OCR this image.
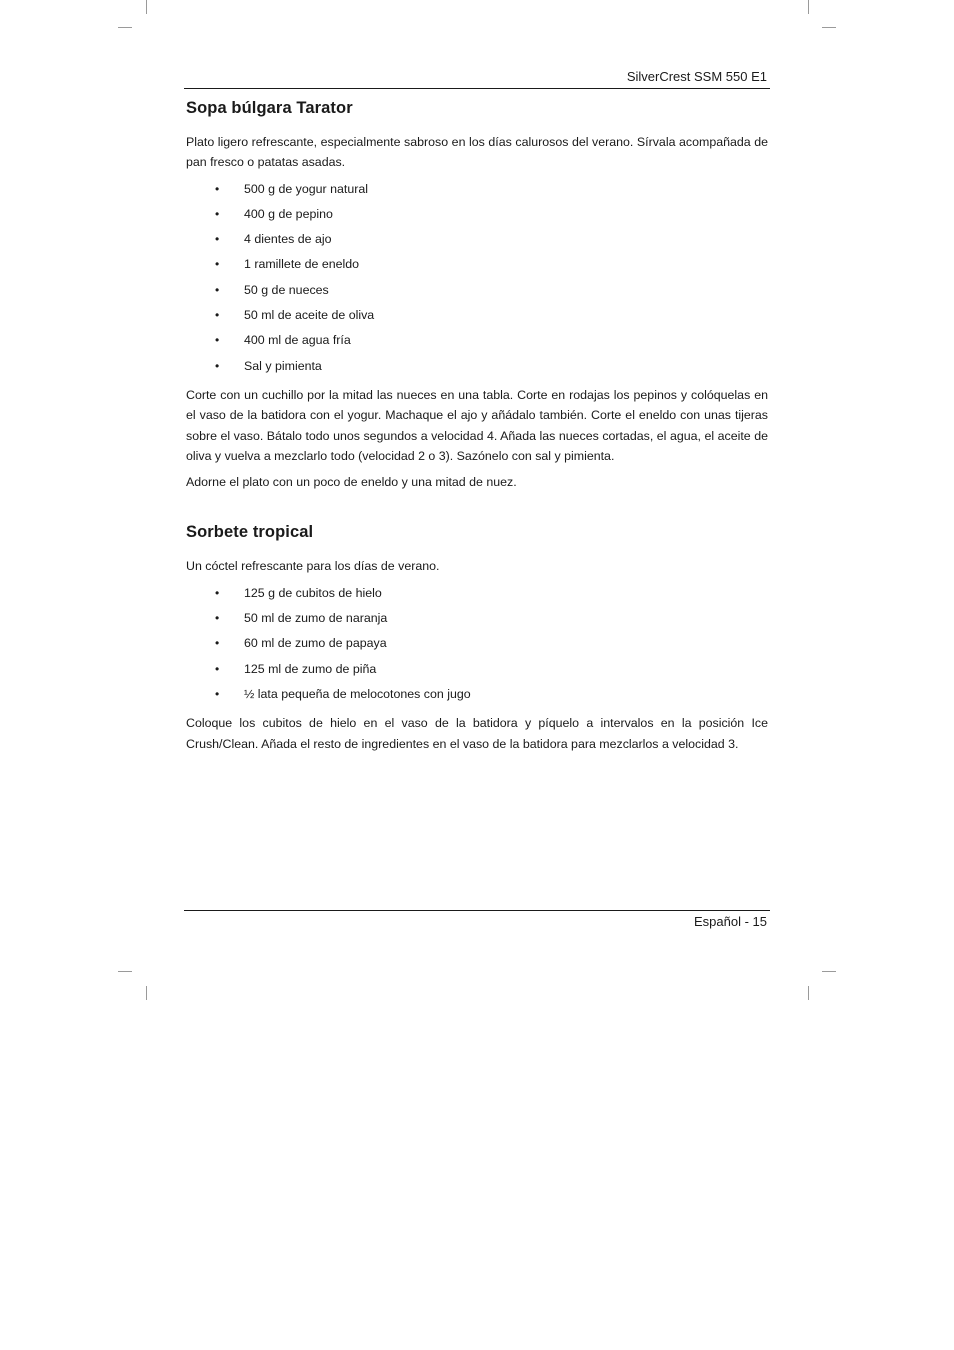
SilverCrest SSM 550 E1
Sopa búlgara Tarator

Plato ligero refrescante, especialmente sabroso en los días calurosos del verano. Sírvala acompañada de pan fresco o patatas asadas.

• 500 g de yogur natural
• 400 g de pepino
• 4 dientes de ajo
• 1 ramillete de eneldo
• 50 g de nueces
• 50 ml de aceite de oliva
• 400 ml de agua fría
• Sal y pimienta

Corte con un cuchillo por la mitad las nueces en una tabla. Corte en rodajas los pepinos y colóquelas en el vaso de la batidora con el yogur. Machaque el ajo y añádalo también. Corte el eneldo con unas tijeras sobre el vaso. Bátalo todo unos segundos a velocidad 4. Añada las nueces cortadas, el agua, el aceite de oliva y vuelva a mezclarlo todo (velocidad 2 o 3). Sazónelo con sal y pimienta.

Adorne el plato con un poco de eneldo y una mitad de nuez.

Sorbete tropical

Un cóctel refrescante para los días de verano.

• 125 g de cubitos de hielo
• 50 ml de zumo de naranja
• 60 ml de zumo de papaya
• 125 ml de zumo de piña
• ½ lata pequeña de melocotones con jugo

Coloque los cubitos de hielo en el vaso de la batidora y píquelo a intervalos en la posición Ice Crush/Clean. Añada el resto de ingredientes en el vaso de la batidora para mezclarlos a velocidad 3.

Español - 15
